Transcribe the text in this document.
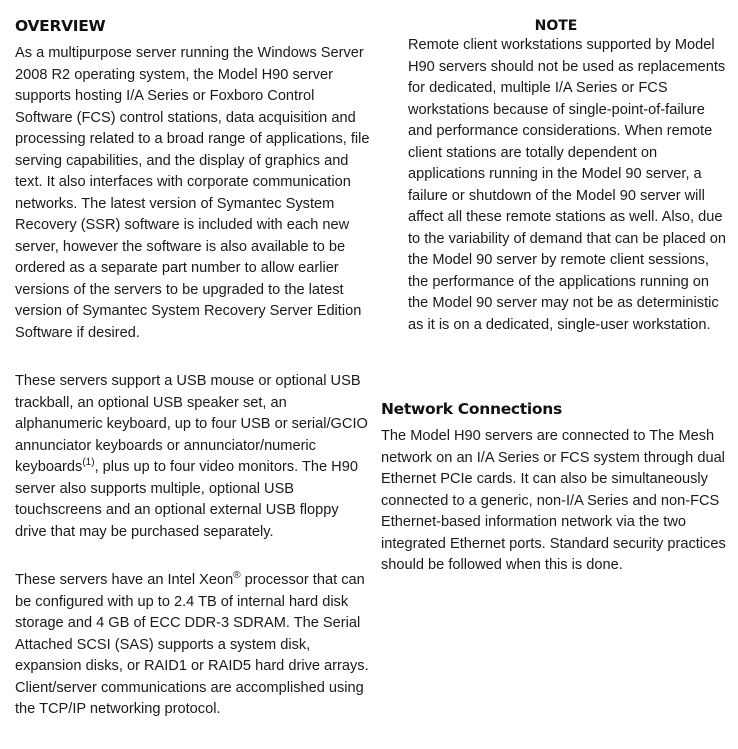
OVERVIEW

As a multipurpose server running the Windows Server 2008 R2 operating system, the Model H90 server supports hosting I/A Series or Foxboro Control Software (FCS) control stations, data acquisition and processing related to a broad range of applications, file serving capabilities, and the display of graphics and text. It also interfaces with corporate communication networks. The latest version of Symantec System Recovery (SSR) software is included with each new server, however the software is also available to be ordered as a separate part number to allow earlier versions of the servers to be upgraded to the latest version of Symantec System Recovery Server Edition Software if desired.

These servers support a USB mouse or optional USB trackball, an optional USB speaker set, an alphanumeric keyboard, up to four USB or serial/GCIO annunciator keyboards or annunciator/numeric keyboards$^{(1)}$, plus up to four video monitors. The H90 server also supports multiple, optional USB touchscreens and an optional external USB floppy drive that may be purchased separately.

These servers have an Intel Xeon® processor that can be configured with up to 2.4 TB of internal hard disk storage and 4 GB of ECC DDR-3 SDRAM. The Serial Attached SCSI (SAS) supports a system disk, expansion disks, or RAID1 or RAID5 hard drive arrays. Client/server communications are accomplished using the TCP/IP networking protocol.

NOTE

Remote client workstations supported by Model H90 servers should not be used as replacements for dedicated, multiple I/A Series or FCS workstations because of single-point-of-failure and performance considerations. When remote client stations are totally dependent on applications running in the Model 90 server, a failure or shutdown of the Model 90 server will affect all these remote stations as well. Also, due to the variability of demand that can be placed on the Model 90 server by remote client sessions, the performance of the applications running on the Model 90 server may not be as deterministic as it is on a dedicated, single-user workstation.

Network Connections

The Model H90 servers are connected to The Mesh network on an I/A Series or FCS system through dual Ethernet PCIe cards. It can also be simultaneously connected to a generic, non-I/A Series and non-FCS Ethernet-based information network via the two integrated Ethernet ports. Standard security practices should be followed when this is done.
